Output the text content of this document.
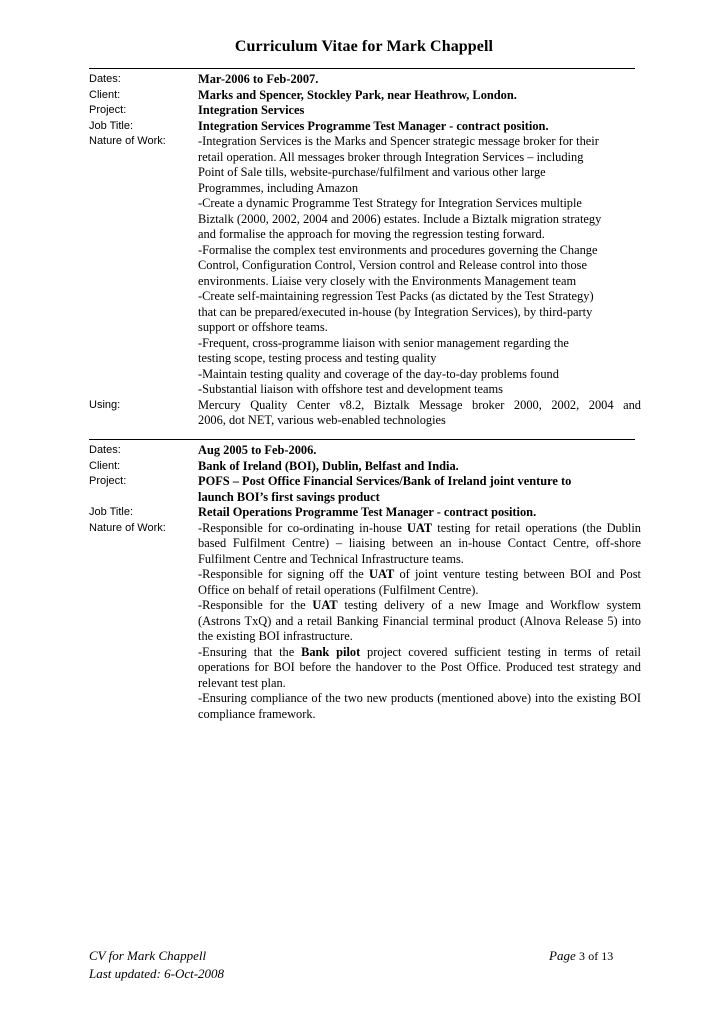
Curriculum Vitae for Mark Chappell
Dates:	Mar-2006 to Feb-2007.
Client:	Marks and Spencer, Stockley Park, near Heathrow, London.
Project:	Integration Services
Job Title:	Integration Services Programme Test Manager - contract position.
Nature of Work:	-Integration Services is the Marks and Spencer strategic message broker for their
retail operation. All messages broker through Integration Services – including
Point of Sale tills, website-purchase/fulfilment and various other large
Programmes, including Amazon
-Create a dynamic Programme Test Strategy for Integration Services multiple
Biztalk (2000, 2002, 2004 and 2006) estates. Include a Biztalk migration strategy
and formalise the approach for moving the regression testing forward.
-Formalise the complex test environments and procedures governing the Change
Control, Configuration Control, Version control and Release control into those
environments. Liaise very closely with the Environments Management team
-Create self-maintaining regression Test Packs (as dictated by the Test Strategy)
that can be prepared/executed in-house (by Integration Services), by third-party
support or offshore teams.
-Frequent, cross-programme liaison with senior management regarding the
testing scope, testing process and testing quality
-Maintain testing quality and coverage of the day-to-day problems found
-Substantial liaison with offshore test and development teams
Using:	Mercury Quality Center v8.2, Biztalk Message broker 2000, 2002, 2004 and
2006, dot NET, various web-enabled technologies
Dates:	Aug 2005 to Feb-2006.
Client:	Bank of Ireland (BOI), Dublin, Belfast and India.
Project:	POFS – Post Office Financial Services/Bank of Ireland joint venture to
launch BOI’s first savings product
Job Title:	Retail Operations Programme Test Manager - contract position.
Nature of Work:	-Responsible for co-ordinating in-house UAT testing for retail operations (the Dublin based Fulfilment Centre) – liaising between an in-house Contact Centre, off-shore Fulfilment Centre and Technical Infrastructure teams.
-Responsible for signing off the UAT of joint venture testing between BOI and Post Office on behalf of retail operations (Fulfilment Centre).
-Responsible for the UAT testing delivery of a new Image and Workflow system (Astrons TxQ) and a retail Banking Financial terminal product (Alnova Release 5) into the existing BOI infrastructure.
-Ensuring that the Bank pilot project covered sufficient testing in terms of retail operations for BOI before the handover to the Post Office. Produced test strategy and relevant test plan.
-Ensuring compliance of the two new products (mentioned above) into the existing BOI compliance framework.
CV for Mark Chappell
Last updated: 6-Oct-2008
Page 3 of 13
